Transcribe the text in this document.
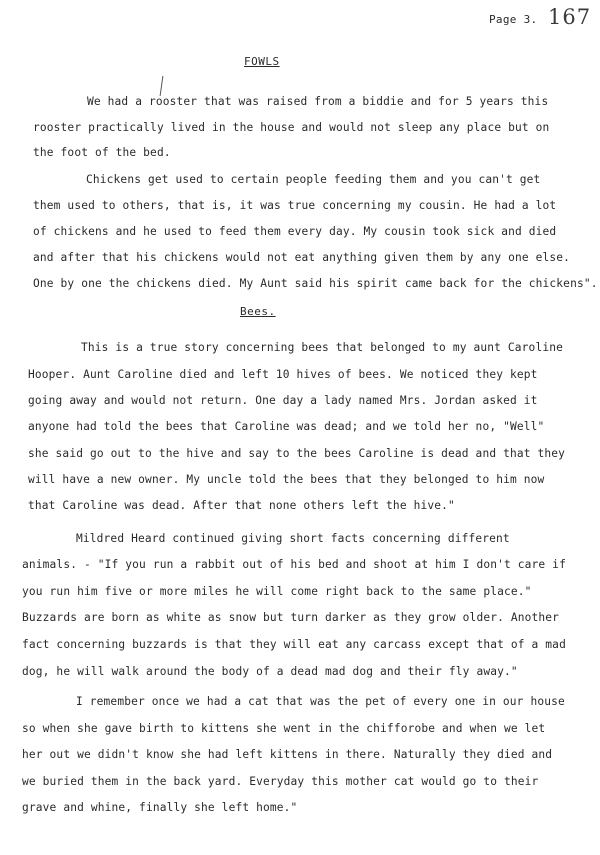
Page 3. 167
FOWLS
We had a rooster that was raised from a biddie and for 5 years this
rooster practically lived in the house and would not sleep any place but on
the foot of the bed.
Chickens get used to certain people feeding them and you can't get
them used to others, that is, it was true concerning my cousin. He had a lot
of chickens and he used to feed them every day. My cousin took sick and died
and after that his chickens would not eat anything given them by any one else.
One by one the chickens died. My Aunt said his spirit came back for the chickens".
Bees.
This is a true story concerning bees that belonged to my aunt Caroline
Hooper. Aunt Caroline died and left 10 hives of bees. We noticed they kept
going away and would not return. One day a lady named Mrs. Jordan asked it
anyone had told the bees that Caroline was dead; and we told her no, "Well"
she said go out to the hive and say to the bees Caroline is dead and that they
will have a new owner. My uncle told the bees that they belonged to him now
that Caroline was dead. After that none others left the hive."
Mildred Heard continued giving short facts concerning different
animals. - "If you run a rabbit out of his bed and shoot at him I don't care if
you run him five or more miles he will come right back to the same place."
Buzzards are born as white as snow but turn darker as they grow older. Another
fact concerning buzzards is that they will eat any carcass except that of a mad
dog, he will walk around the body of a dead mad dog and their fly away."
I remember once we had a cat that was the pet of every one in our house
so when she gave birth to kittens she went in the chifforobe and when we let
her out we didn't know she had left kittens in there. Naturally they died and
we buried them in the back yard. Everyday this mother cat would go to their
grave and whine, finally she left home."
